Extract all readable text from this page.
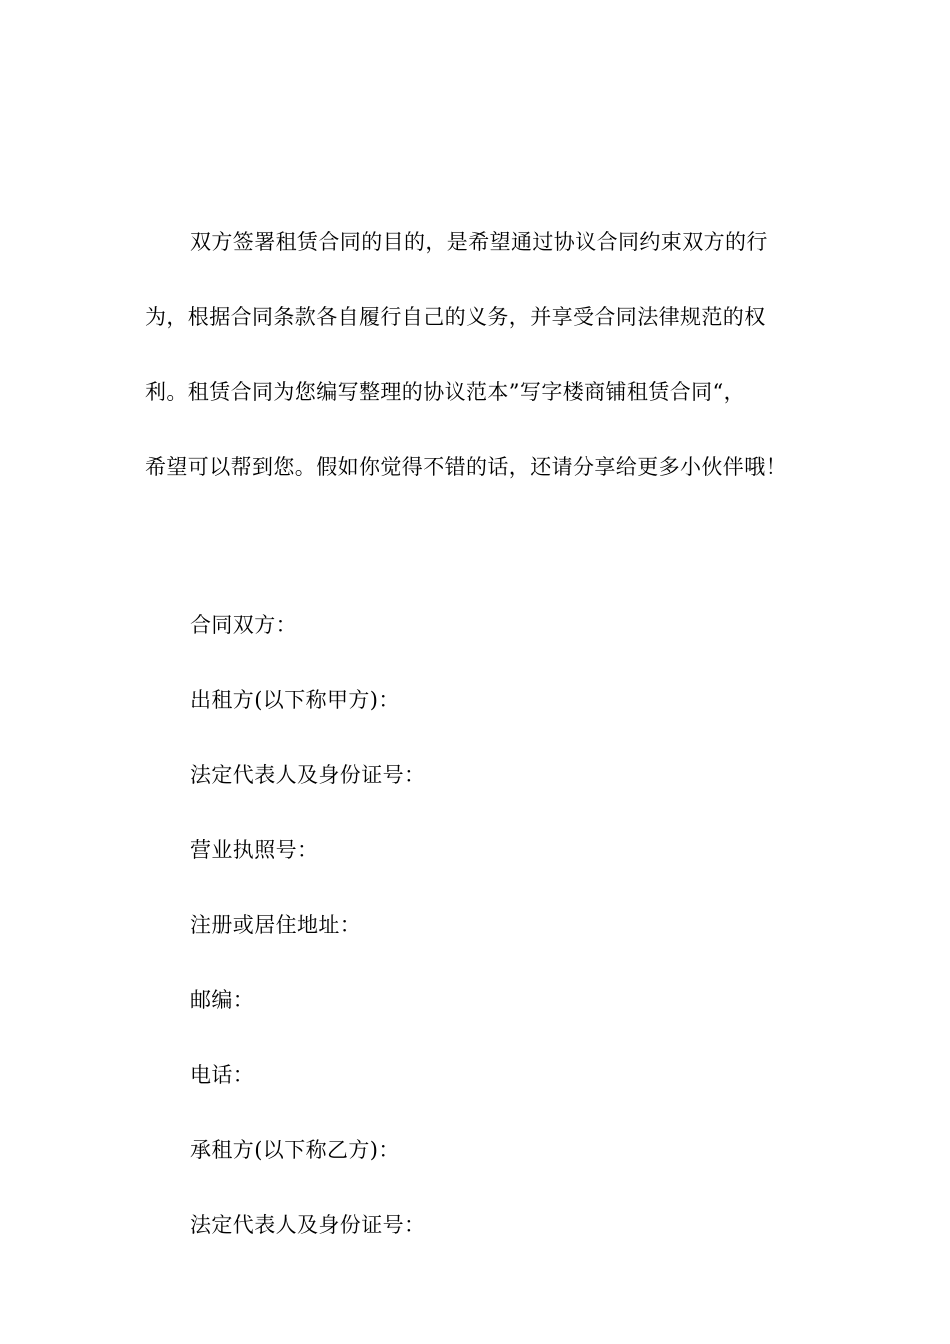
双方签署租赁合同的目的，是希望通过协议合同约束双方的行
为，根据合同条款各自履行自己的义务，并享受合同法律规范的权
利。租赁合同为您编写整理的协议范本”写字楼商铺租赁合同“，
希望可以帮到您。假如你觉得不错的话，还请分享给更多小伙伴哦！

合同双方：
出租方(以下称甲方)：
法定代表人及身份证号：
营业执照号：
注册或居住地址：
邮编：
电话：
承租方(以下称乙方)：
法定代表人及身份证号：
